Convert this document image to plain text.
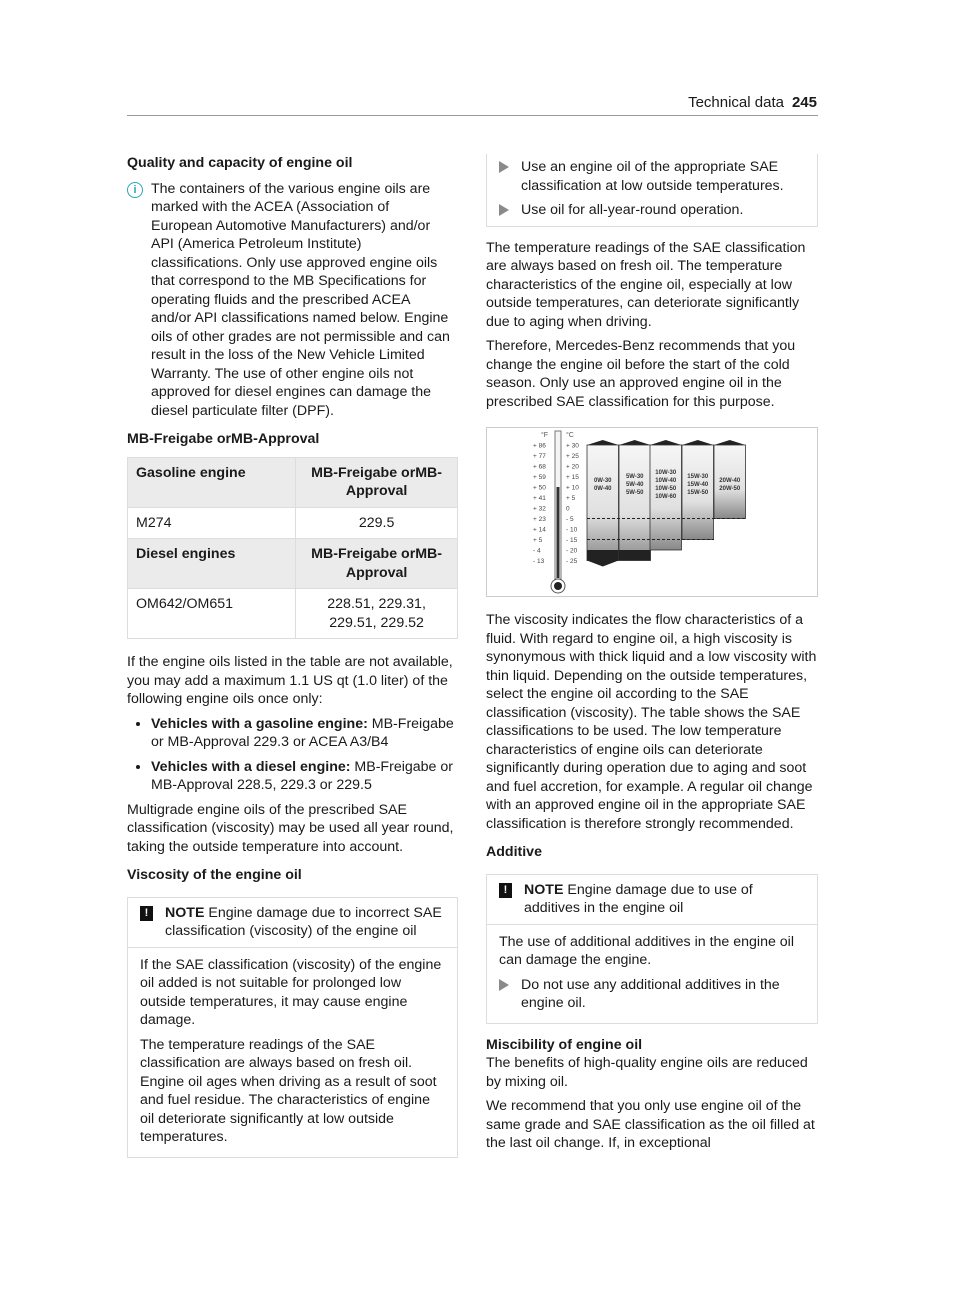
Technical data 245
Quality and capacity of engine oil
i	The containers of the various engine oils are marked with the ACEA (Association of European Automotive Manufacturers) and/or API (America Petroleum Institute) classifications. Only use approved engine oils that correspond to the MB Specifications for operating fluids and the prescribed ACEA and/or API classifications named below. Engine oils of other grades are not permissible and can result in the loss of the New Vehicle Limited Warranty. The use of other engine oils not approved for diesel engines can damage the diesel particulate filter (DPF).

MB-Freigabe orMB-Approval
Gasoline engine	MB-Freigabe orMB-Approval
M274	229.5
Diesel engines	MB-Freigabe orMB-Approval
OM642/OM651	228.51, 229.31, 229.51, 229.52

If the engine oils listed in the table are not available, you may add a maximum 1.1 US qt (1.0 liter) of the following engine oils once only:

• Vehicles with a gasoline engine: MB-Freigabe or MB-Approval 229.3 or ACEA A3/B4
• Vehicles with a diesel engine: MB-Freigabe or MB-Approval 228.5, 229.3 or 229.5

Multigrade engine oils of the prescribed SAE classification (viscosity) may be used all year round, taking the outside temperature into account.

Viscosity of the engine oil
!	NOTE Engine damage due to incorrect SAE classification (viscosity) of the engine oil

If the SAE classification (viscosity) of the engine oil added is not suitable for prolonged low outside temperatures, it may cause engine damage.

The temperature readings of the SAE classification are always based on fresh oil. Engine oil ages when driving as a result of soot and fuel residue. The characteristics of engine oil deteriorate significantly at low outside temperatures.

Use an engine oil of the appropriate SAE classification at low outside temperatures.
Use oil for all-year-round operation.

The temperature readings of the SAE classification are always based on fresh oil. The temperature characteristics of the engine oil, especially at low outside temperatures, can deteriorate significantly due to aging when driving.

Therefore, Mercedes-Benz recommends that you change the engine oil before the start of the cold season. Only use an approved engine oil in the prescribed SAE classification for this purpose.

°F	°C
+ 86
+ 77
+ 68
+ 59
+ 50
+ 41
+ 32
+ 23
+ 14
+ 5
- 4
- 13
+ 30
+ 25
+ 20
+ 15
+ 10
+ 5
0
- 5
- 10
- 15
- 20
- 25
0W-30
0W-40
5W-30
5W-40
5W-50
10W-30
10W-40
10W-50
10W-60
15W-30
15W-40
15W-50
20W-40
20W-50

The viscosity indicates the flow characteristics of a fluid. With regard to engine oil, a high viscosity is synonymous with thick liquid and a low viscosity with thin liquid. Depending on the outside temperatures, select the engine oil according to the SAE classification (viscosity). The table shows the SAE classifications to be used. The low temperature characteristics of engine oils can deteriorate significantly during operation due to aging and soot and fuel accretion, for example. A regular oil change with an approved engine oil in the appropriate SAE classification is therefore strongly recommended.

Additive
!	NOTE Engine damage due to use of additives in the engine oil

The use of additional additives in the engine oil can damage the engine.

Do not use any additional additives in the engine oil.
Miscibility of engine oil

The benefits of high-quality engine oils are reduced by mixing oil.

We recommend that you only use engine oil of the same grade and SAE classification as the oil filled at the last oil change. If, in exceptional
